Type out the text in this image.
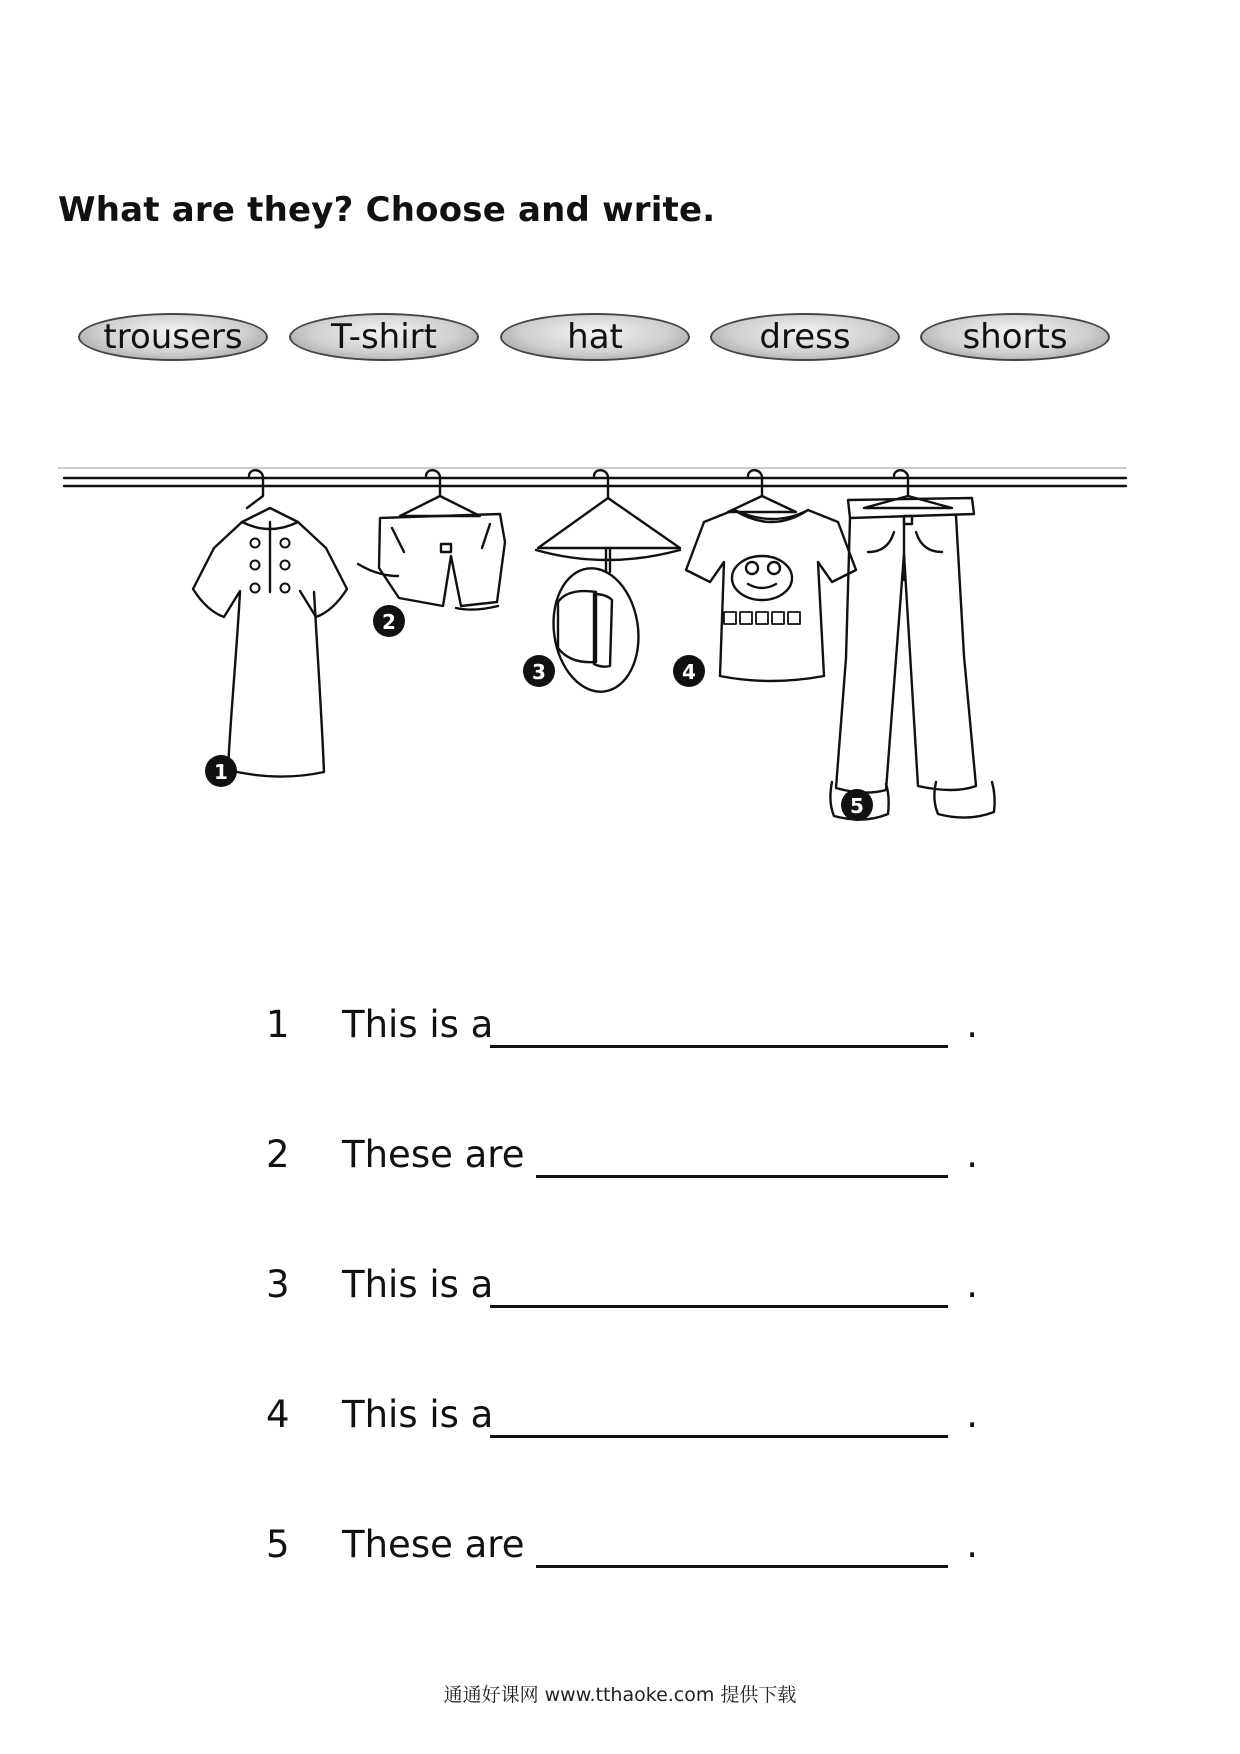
What are they? Choose and write.
trousers	T-shirt	hat	dress	shorts
1
2
3	4
5
1 This is a	.
2 These are	.
3 This is a	.
4 This is a	.
5 These are	.
通通好课网 www.tthaoke.com 提供下载
